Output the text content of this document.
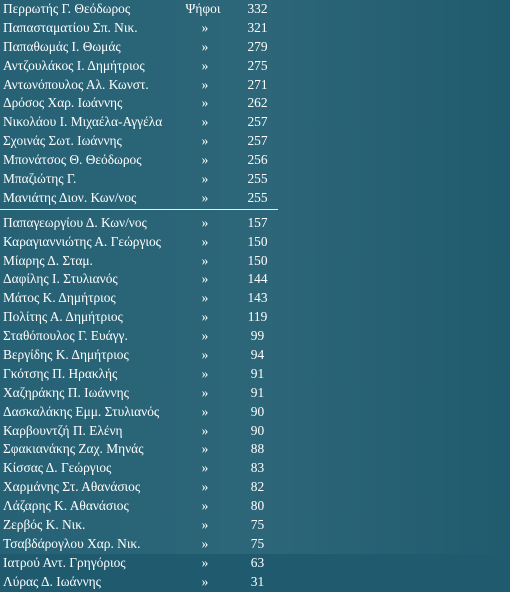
Περρωτής Γ. Θεόδωρος	Ψήφοι	332
Παπασταματίου Σπ. Νικ.	»	321
Παπαθωμάς Ι. Θωμάς	»	279
Αντζουλάκος Ι. Δημήτριος	»	275
Αντωνόπουλος Αλ. Κωνστ.	»	271
Δρόσος Χαρ. Ιωάννης	»	262
Νικολάου Ι. Μιχαέλα-Αγγέλα	»	257
Σχοινάς Σωτ. Ιωάννης	»	257
Μπονάτσος Θ. Θεόδωρος	»	256
Μπαζιώτης Γ.	»	255
Μανιάτης Διον. Κων/νος	»	255
Παπαγεωργίου Δ. Κων/νος	»	157
Καραγιαννιώτης Α. Γεώργιος	»	150
Μίαρης Δ. Σταμ.	»	150
Δαφίλης Ι. Στυλιανός	»	144
Μάτος Κ. Δημήτριος	»	143
Πολίτης Α. Δημήτριος	»	119
Σταθόπουλος Γ. Ευάγγ.	»	99
Βεργίδης Κ. Δημήτριος	»	94
Γκότσης Π. Ηρακλής	»	91
Χαζηράκης Π. Ιωάννης	»	91
Δασκαλάκης Εμμ. Στυλιανός	»	90
Καρβουντζή Π. Ελένη	»	90
Σφακιανάκης Ζαχ. Μηνάς	»	88
Κίσσας Δ. Γεώργιος	»	83
Χαρμάνης Στ. Αθανάσιος	»	82
Λάζαρης Κ. Αθανάσιος	»	80
Ζερβός Κ. Νικ.	»	75
Τσαβδάρογλου Χαρ. Νικ.	»	75
Ιατρού Αντ. Γρηγόριος	»	63
Λύρας Δ. Ιωάννης	»	31
